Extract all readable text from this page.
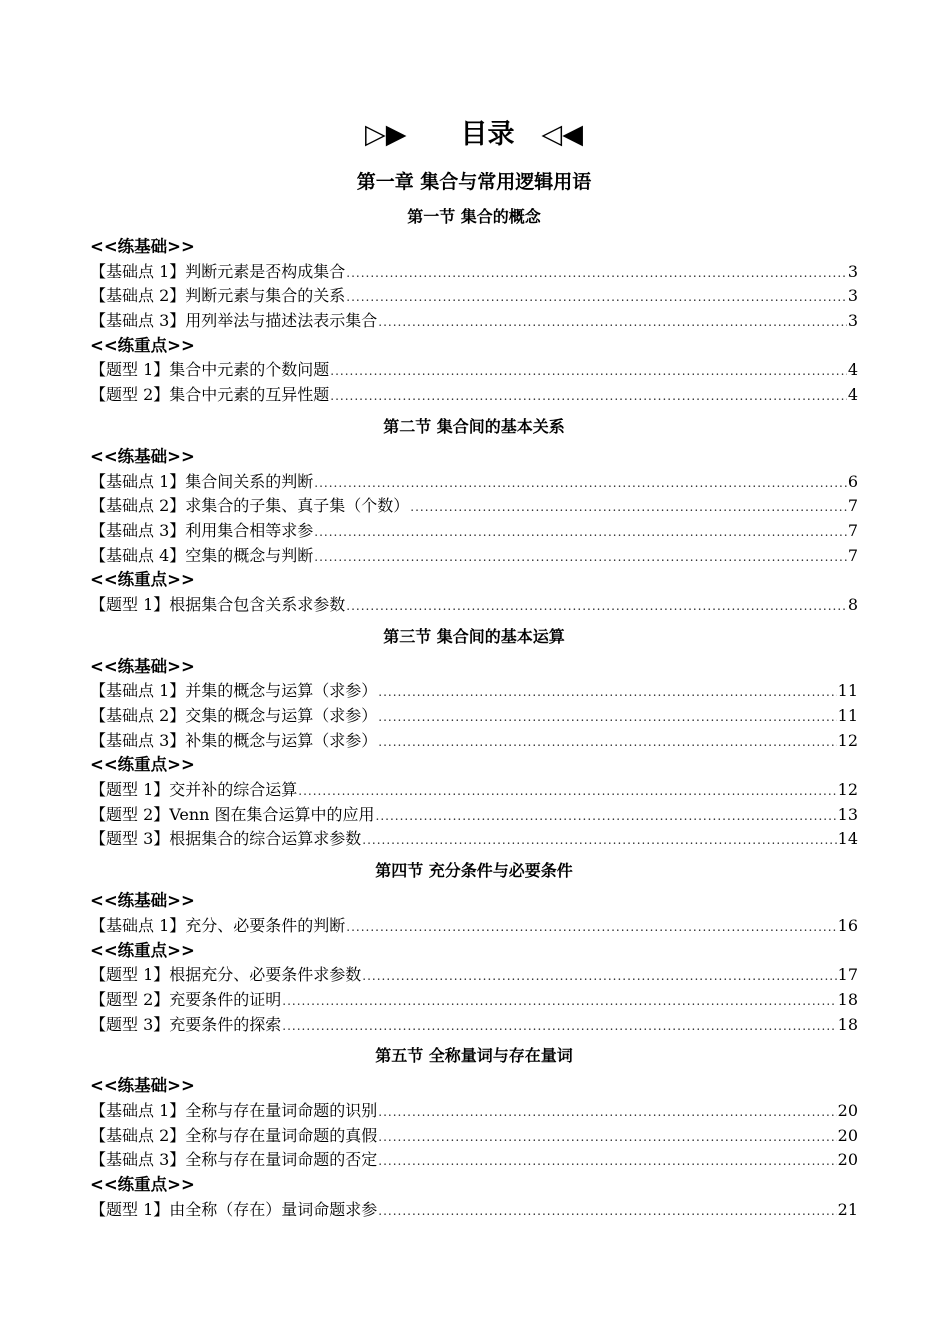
▷▶　　目录　◁◀
第一章 集合与常用逻辑用语
第一节 集合的概念
<<练基础>>
【基础点 1】判断元素是否构成集合 .....	3
【基础点 2】判断元素与集合的关系 .....	3
【基础点 3】用列举法与描述法表示集合 .....	3
<<练重点>>
【题型 1】集合中元素的个数问题 .....	4
【题型 2】集合中元素的互异性题 .....	4
第二节 集合间的基本关系
<<练基础>>
【基础点 1】集合间关系的判断 .....	6
【基础点 2】求集合的子集、真子集（个数） .....	7
【基础点 3】利用集合相等求参 .....	7
【基础点 4】空集的概念与判断 .....	7
<<练重点>>
【题型 1】根据集合包含关系求参数 .....	8
第三节 集合间的基本运算
<<练基础>>
【基础点 1】并集的概念与运算（求参） .....	11
【基础点 2】交集的概念与运算（求参） .....	11
【基础点 3】补集的概念与运算（求参） .....	12
<<练重点>>
【题型 1】交并补的综合运算 .....	12
【题型 2】Venn 图在集合运算中的应用 .....	13
【题型 3】根据集合的综合运算求参数 .....	14
第四节 充分条件与必要条件
<<练基础>>
【基础点 1】充分、必要条件的判断 .....	16
<<练重点>>
【题型 1】根据充分、必要条件求参数 .....	17
【题型 2】充要条件的证明 .....	18
【题型 3】充要条件的探索 .....	18
第五节 全称量词与存在量词
<<练基础>>
【基础点 1】全称与存在量词命题的识别 .....	20
【基础点 2】全称与存在量词命题的真假 .....	20
【基础点 3】全称与存在量词命题的否定 .....	20
<<练重点>>
【题型 1】由全称（存在）量词命题求参 .....	21
